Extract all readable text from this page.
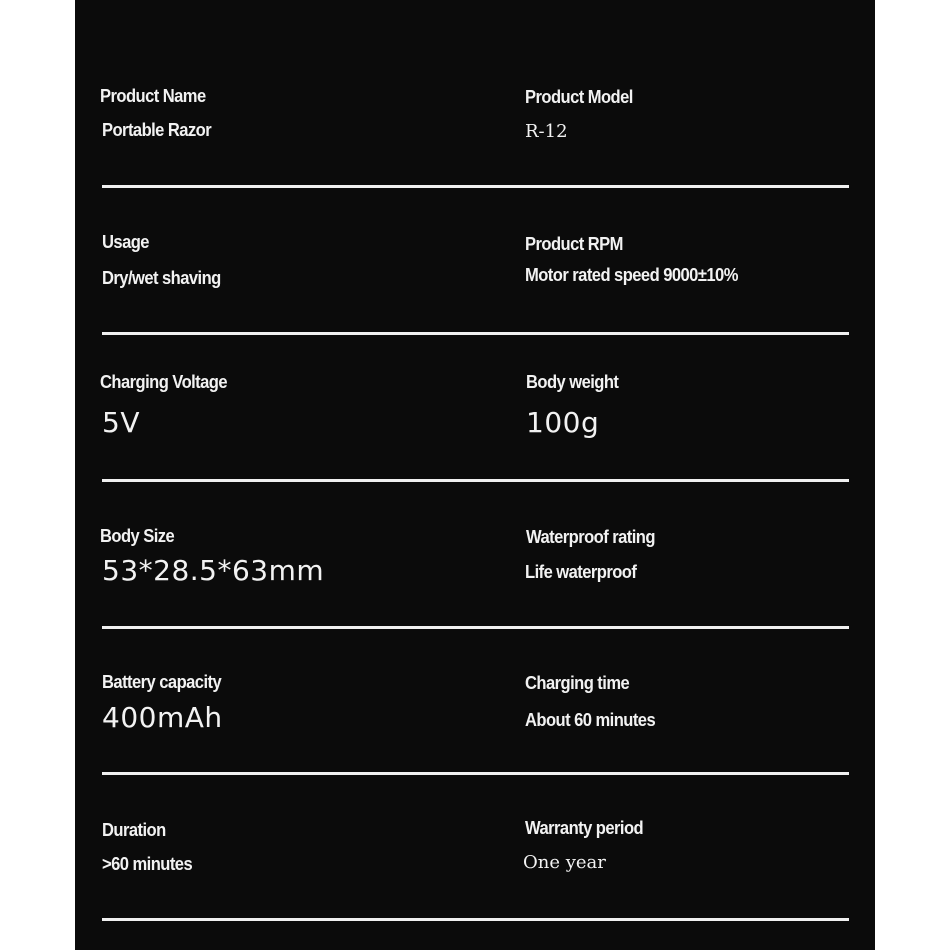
Product Name
Portable Razor
Product Model
R-12
Usage
Dry/wet shaving
Product RPM
Motor rated speed 9000±10%
Charging Voltage
5V
Body weight
100g
Body Size
53*28.5*63mm
Waterproof rating
Life waterproof
Battery capacity
400mAh
Charging time
About 60 minutes
Duration
>60 minutes
Warranty period
One year
